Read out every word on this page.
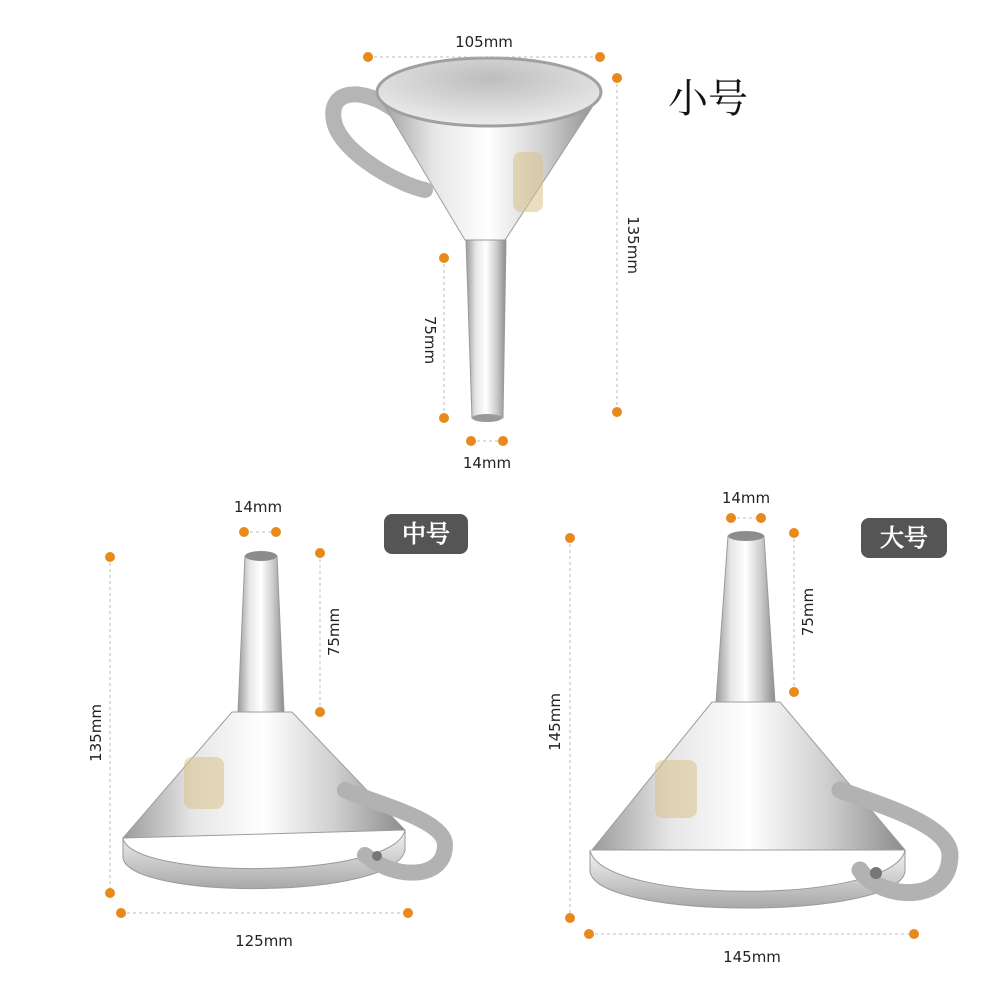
105mm
135mm
75mm
14mm
小号
14mm
75mm
135mm
125mm
中号
14mm
75mm
145mm
145mm
大号
